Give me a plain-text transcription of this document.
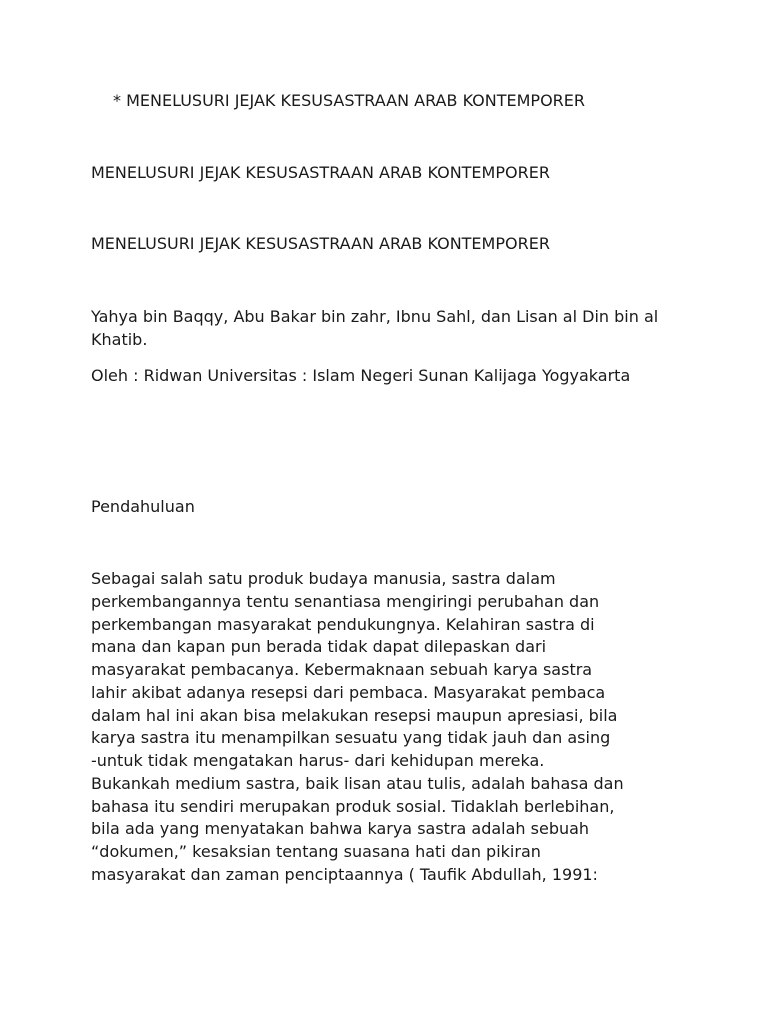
* MENELUSURI JEJAK KESUSASTRAAN ARAB KONTEMPORER
MENELUSURI JEJAK KESUSASTRAAN ARAB KONTEMPORER
MENELUSURI JEJAK KESUSASTRAAN ARAB KONTEMPORER
Yahya bin Baqqy, Abu Bakar bin zahr, Ibnu Sahl, dan Lisan al Din bin al Khatib.
Oleh : Ridwan Universitas : Islam Negeri Sunan Kalijaga Yogyakarta
Pendahuluan

Sebagai salah satu produk budaya manusia, sastra dalam
perkembangannya tentu senantiasa mengiringi perubahan dan
perkembangan masyarakat pendukungnya. Kelahiran sastra di
mana dan kapan pun berada tidak dapat dilepaskan dari
masyarakat pembacanya. Kebermaknaan sebuah karya sastra
lahir akibat adanya resepsi dari pembaca. Masyarakat pembaca
dalam hal ini akan bisa melakukan resepsi maupun apresiasi, bila
karya sastra itu menampilkan sesuatu yang tidak jauh dan asing
-untuk tidak mengatakan harus- dari kehidupan mereka.
Bukankah medium sastra, baik lisan atau tulis, adalah bahasa dan
bahasa itu sendiri merupakan produk sosial. Tidaklah berlebihan,
bila ada yang menyatakan bahwa karya sastra adalah sebuah
“dokumen,” kesaksian tentang suasana hati dan pikiran
masyarakat dan zaman penciptaannya ( Taufik Abdullah, 1991:
